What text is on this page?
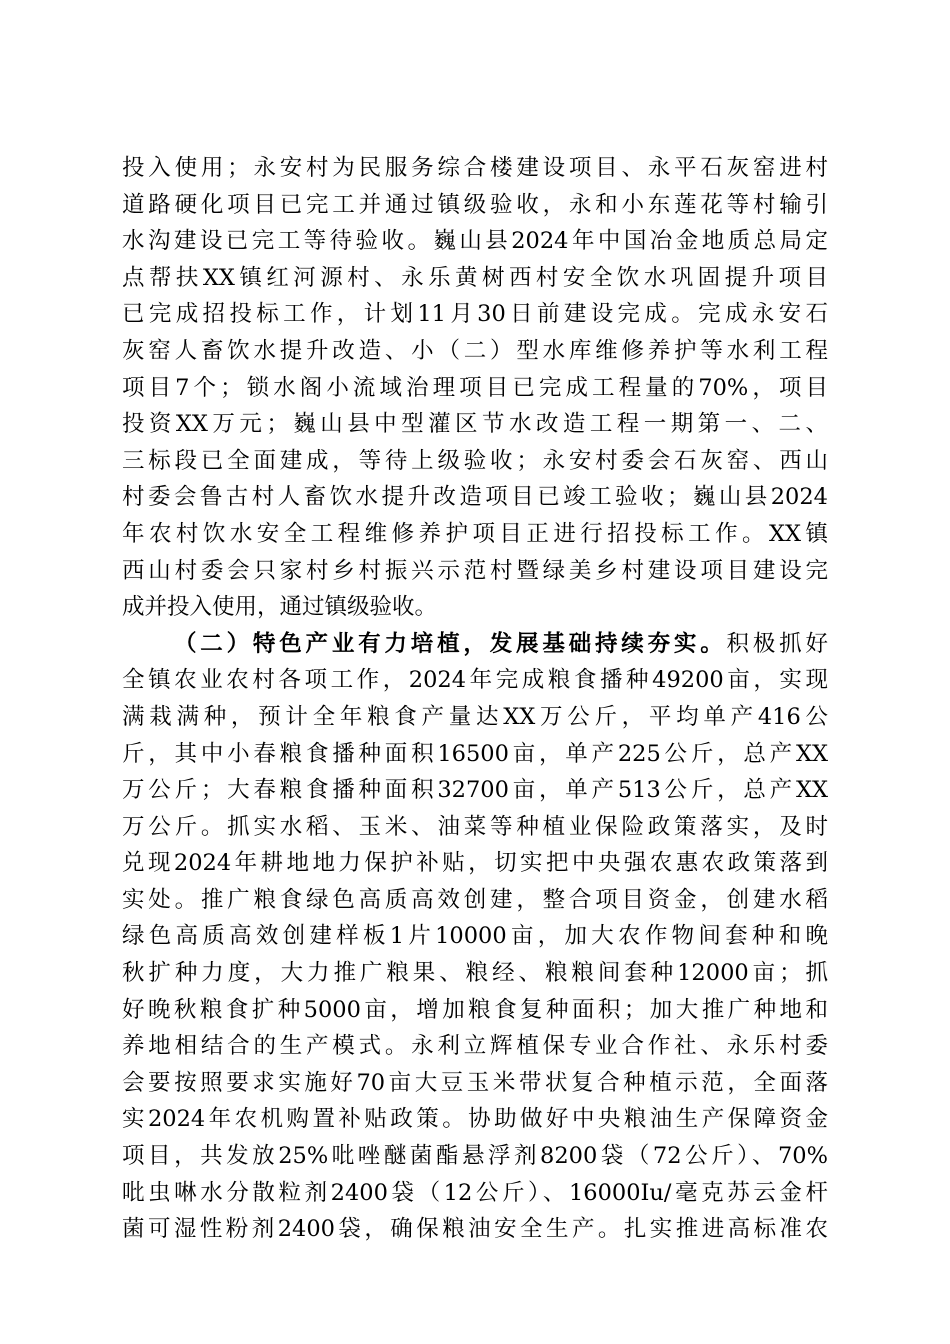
投入使用；永安村为民服务综合楼建设项目、永平石灰窑进村
道路硬化项目已完工并通过镇级验收，永和小东莲花等村输引
水沟建设已完工等待验收。巍山县2024年中国冶金地质总局定
点帮扶XX镇红河源村、永乐黄树西村安全饮水巩固提升项目
已完成招投标工作，计划11月30日前建设完成。完成永安石
灰窑人畜饮水提升改造、小（二）型水库维修养护等水利工程
项目7个；锁水阁小流域治理项目已完成工程量的70%，项目
投资XX万元；巍山县中型灌区节水改造工程一期第一、二、
三标段已全面建成，等待上级验收；永安村委会石灰窑、西山
村委会鲁古村人畜饮水提升改造项目已竣工验收；巍山县2024
年农村饮水安全工程维修养护项目正进行招投标工作。XX镇
西山村委会只家村乡村振兴示范村暨绿美乡村建设项目建设完
成并投入使用，通过镇级验收。
（二）特色产业有力培植，发展基础持续夯实。积极抓好
全镇农业农村各项工作，2024年完成粮食播种49200亩，实现
满栽满种，预计全年粮食产量达XX万公斤，平均单产416公
斤，其中小春粮食播种面积16500亩，单产225公斤，总产XX
万公斤；大春粮食播种面积32700亩，单产513公斤，总产XX
万公斤。抓实水稻、玉米、油菜等种植业保险政策落实，及时
兑现2024年耕地地力保护补贴，切实把中央强农惠农政策落到
实处。推广粮食绿色高质高效创建，整合项目资金，创建水稻
绿色高质高效创建样板1片10000亩，加大农作物间套种和晚
秋扩种力度，大力推广粮果、粮经、粮粮间套种12000亩；抓
好晚秋粮食扩种5000亩，增加粮食复种面积；加大推广种地和
养地相结合的生产模式。永利立辉植保专业合作社、永乐村委
会要按照要求实施好70亩大豆玉米带状复合种植示范，全面落
实2024年农机购置补贴政策。协助做好中央粮油生产保障资金
项目，共发放25%吡唑醚菌酯悬浮剂8200袋（72公斤）、70%
吡虫啉水分散粒剂2400袋（12公斤）、16000Iu/毫克苏云金杆
菌可湿性粉剂2400袋，确保粮油安全生产。扎实推进高标准农
